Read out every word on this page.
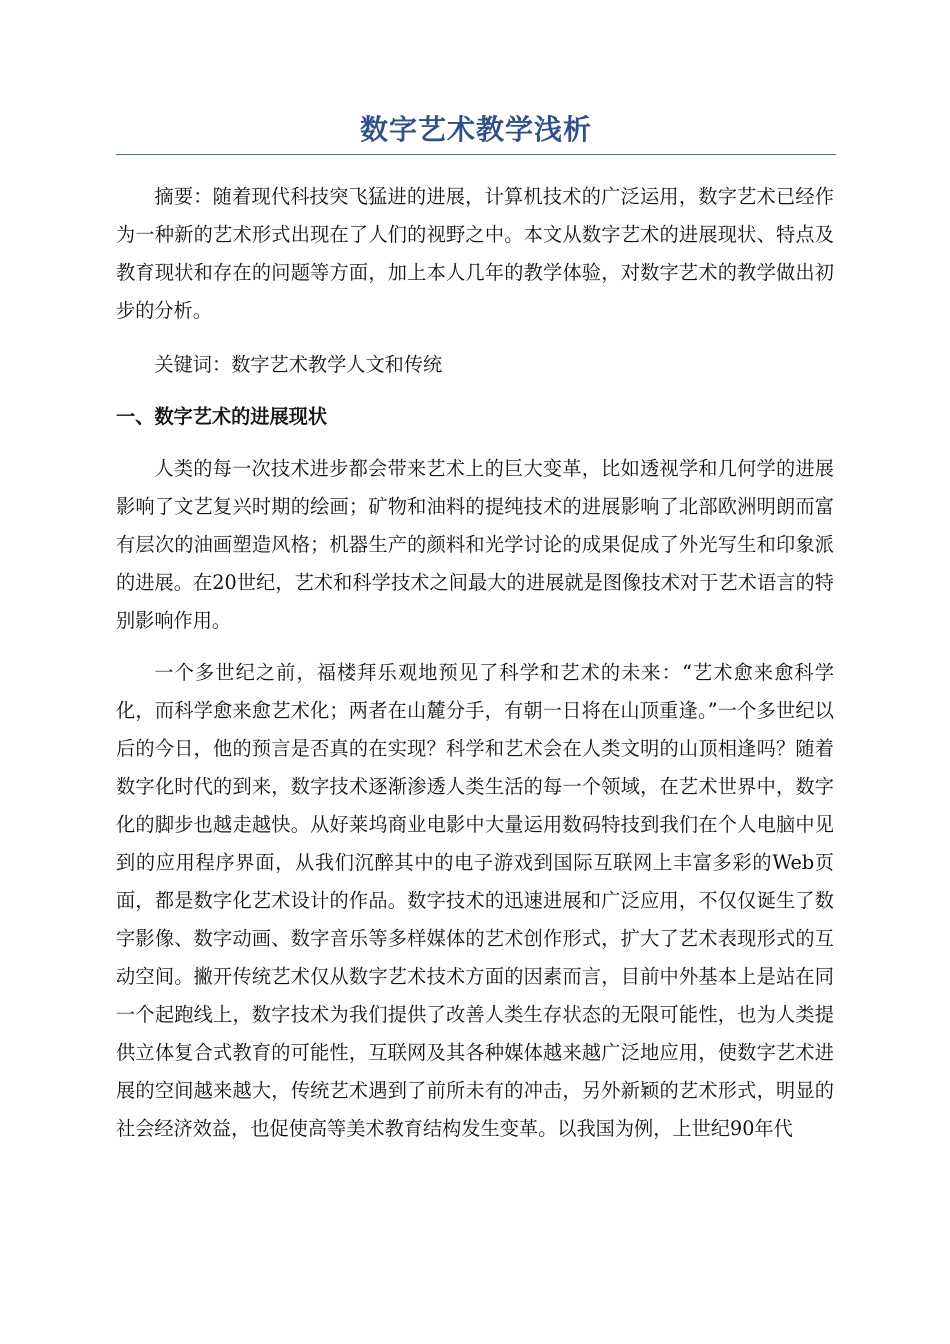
数字艺术教学浅析

摘要：随着现代科技突飞猛进的进展，计算机技术的广泛运用，数字艺术已经作为一种新的艺术形式出现在了人们的视野之中。本文从数字艺术的进展现状、特点及教育现状和存在的问题等方面，加上本人几年的教学体验，对数字艺术的教学做出初步的分析。

关键词：数字艺术教学人文和传统

一、数字艺术的进展现状

人类的每一次技术进步都会带来艺术上的巨大变革，比如透视学和几何学的进展影响了文艺复兴时期的绘画；矿物和油料的提纯技术的进展影响了北部欧洲明朗而富有层次的油画塑造风格；机器生产的颜料和光学讨论的成果促成了外光写生和印象派的进展。在20世纪，艺术和科学技术之间最大的进展就是图像技术对于艺术语言的特别影响作用。

一个多世纪之前，福楼拜乐观地预见了科学和艺术的未来：“艺术愈来愈科学化，而科学愈来愈艺术化；两者在山麓分手，有朝一日将在山顶重逢。”一个多世纪以后的今日，他的预言是否真的在实现？科学和艺术会在人类文明的山顶相逢吗？随着数字化时代的到来，数字技术逐渐渗透人类生活的每一个领域，在艺术世界中，数字化的脚步也越走越快。从好莱坞商业电影中大量运用数码特技到我们在个人电脑中见到的应用程序界面，从我们沉醉其中的电子游戏到国际互联网上丰富多彩的Web页面，都是数字化艺术设计的作品。数字技术的迅速进展和广泛应用，不仅仅诞生了数字影像、数字动画、数字音乐等多样媒体的艺术创作形式，扩大了艺术表现形式的互动空间。撇开传统艺术仅从数字艺术技术方面的因素而言，目前中外基本上是站在同一个起跑线上，数字技术为我们提供了改善人类生存状态的无限可能性，也为人类提供立体复合式教育的可能性，互联网及其各种媒体越来越广泛地应用，使数字艺术进展的空间越来越大，传统艺术遇到了前所未有的冲击，另外新颖的艺术形式，明显的社会经济效益，也促使高等美术教育结构发生变革。以我国为例，上世纪90年代
